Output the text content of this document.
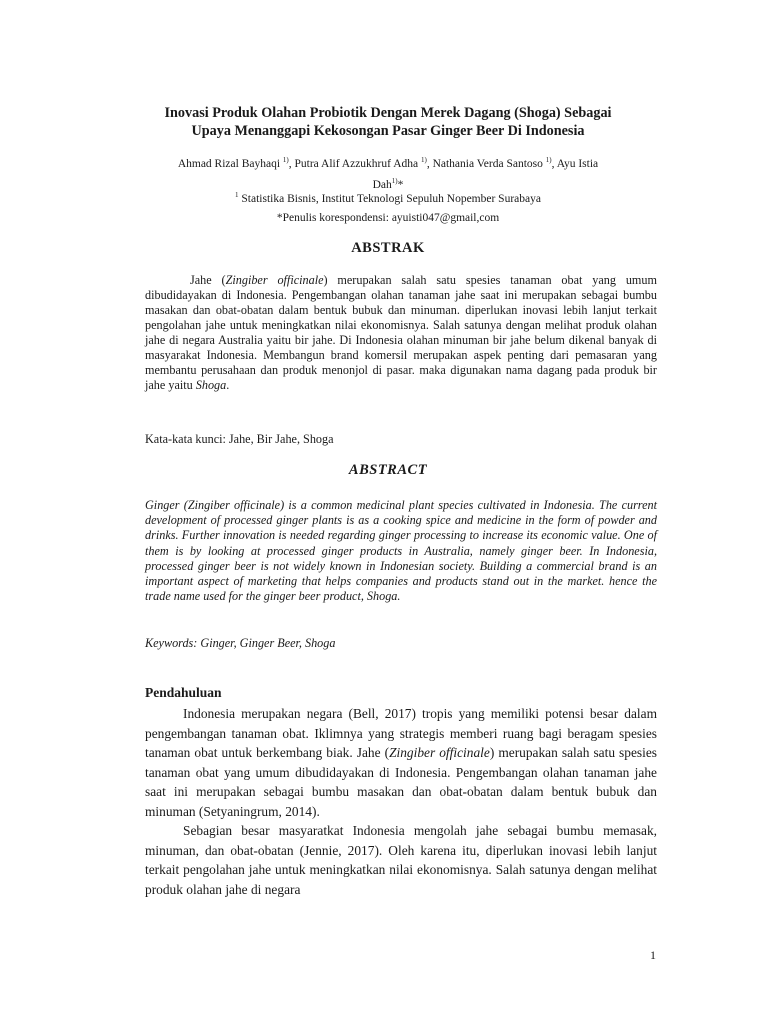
Inovasi Produk Olahan Probiotik Dengan Merek Dagang (Shoga) Sebagai
Upaya Menanggapi Kekosongan Pasar Ginger Beer Di Indonesia
Ahmad Rizal Bayhaqi $^{1)}$, Putra Alif Azzukhruf Adha $^{1)}$, Nathania Verda Santoso $^{1)}$, Ayu Istia
Dah$^{1)}$*
$^1$ Statistika Bisnis, Institut Teknologi Sepuluh Nopember Surabaya
*Penulis korespondensi: ayuisti047@gmail,com
ABSTRAK
Jahe (Zingiber officinale) merupakan salah satu spesies tanaman obat yang umum dibudidayakan di Indonesia. Pengembangan olahan tanaman jahe saat ini merupakan sebagai bumbu masakan dan obat-obatan dalam bentuk bubuk dan minuman. diperlukan inovasi lebih lanjut terkait pengolahan jahe untuk meningkatkan nilai ekonomisnya. Salah satunya dengan melihat produk olahan jahe di negara Australia yaitu bir jahe. Di Indonesia olahan minuman bir jahe belum dikenal banyak di masyarakat Indonesia. Membangun brand komersil merupakan aspek penting dari pemasaran yang membantu perusahaan dan produk menonjol di pasar. maka digunakan nama dagang pada produk bir jahe yaitu Shoga.
Kata-kata kunci: Jahe, Bir Jahe, Shoga
ABSTRACT
Ginger (Zingiber officinale) is a common medicinal plant species cultivated in Indonesia. The current development of processed ginger plants is as a cooking spice and medicine in the form of powder and drinks. Further innovation is needed regarding ginger processing to increase its economic value. One of them is by looking at processed ginger products in Australia, namely ginger beer. In Indonesia, processed ginger beer is not widely known in Indonesian society. Building a commercial brand is an important aspect of marketing that helps companies and products stand out in the market. hence the trade name used for the ginger beer product, Shoga.
Keywords: Ginger, Ginger Beer, Shoga
Pendahuluan

Indonesia merupakan negara (Bell, 2017) tropis yang memiliki potensi besar dalam pengembangan tanaman obat. Iklimnya yang strategis memberi ruang bagi beragam spesies tanaman obat untuk berkembang biak. Jahe (Zingiber officinale) merupakan salah satu spesies tanaman obat yang umum dibudidayakan di Indonesia. Pengembangan olahan tanaman jahe saat ini merupakan sebagai bumbu masakan dan obat-obatan dalam bentuk bubuk dan minuman (Setyaningrum, 2014).

Sebagian besar masyaratkat Indonesia mengolah jahe sebagai bumbu memasak, minuman, dan obat-obatan (Jennie, 2017). Oleh karena itu, diperlukan inovasi lebih lanjut terkait pengolahan jahe untuk meningkatkan nilai ekonomisnya. Salah satunya dengan melihat produk olahan jahe di negara

1
